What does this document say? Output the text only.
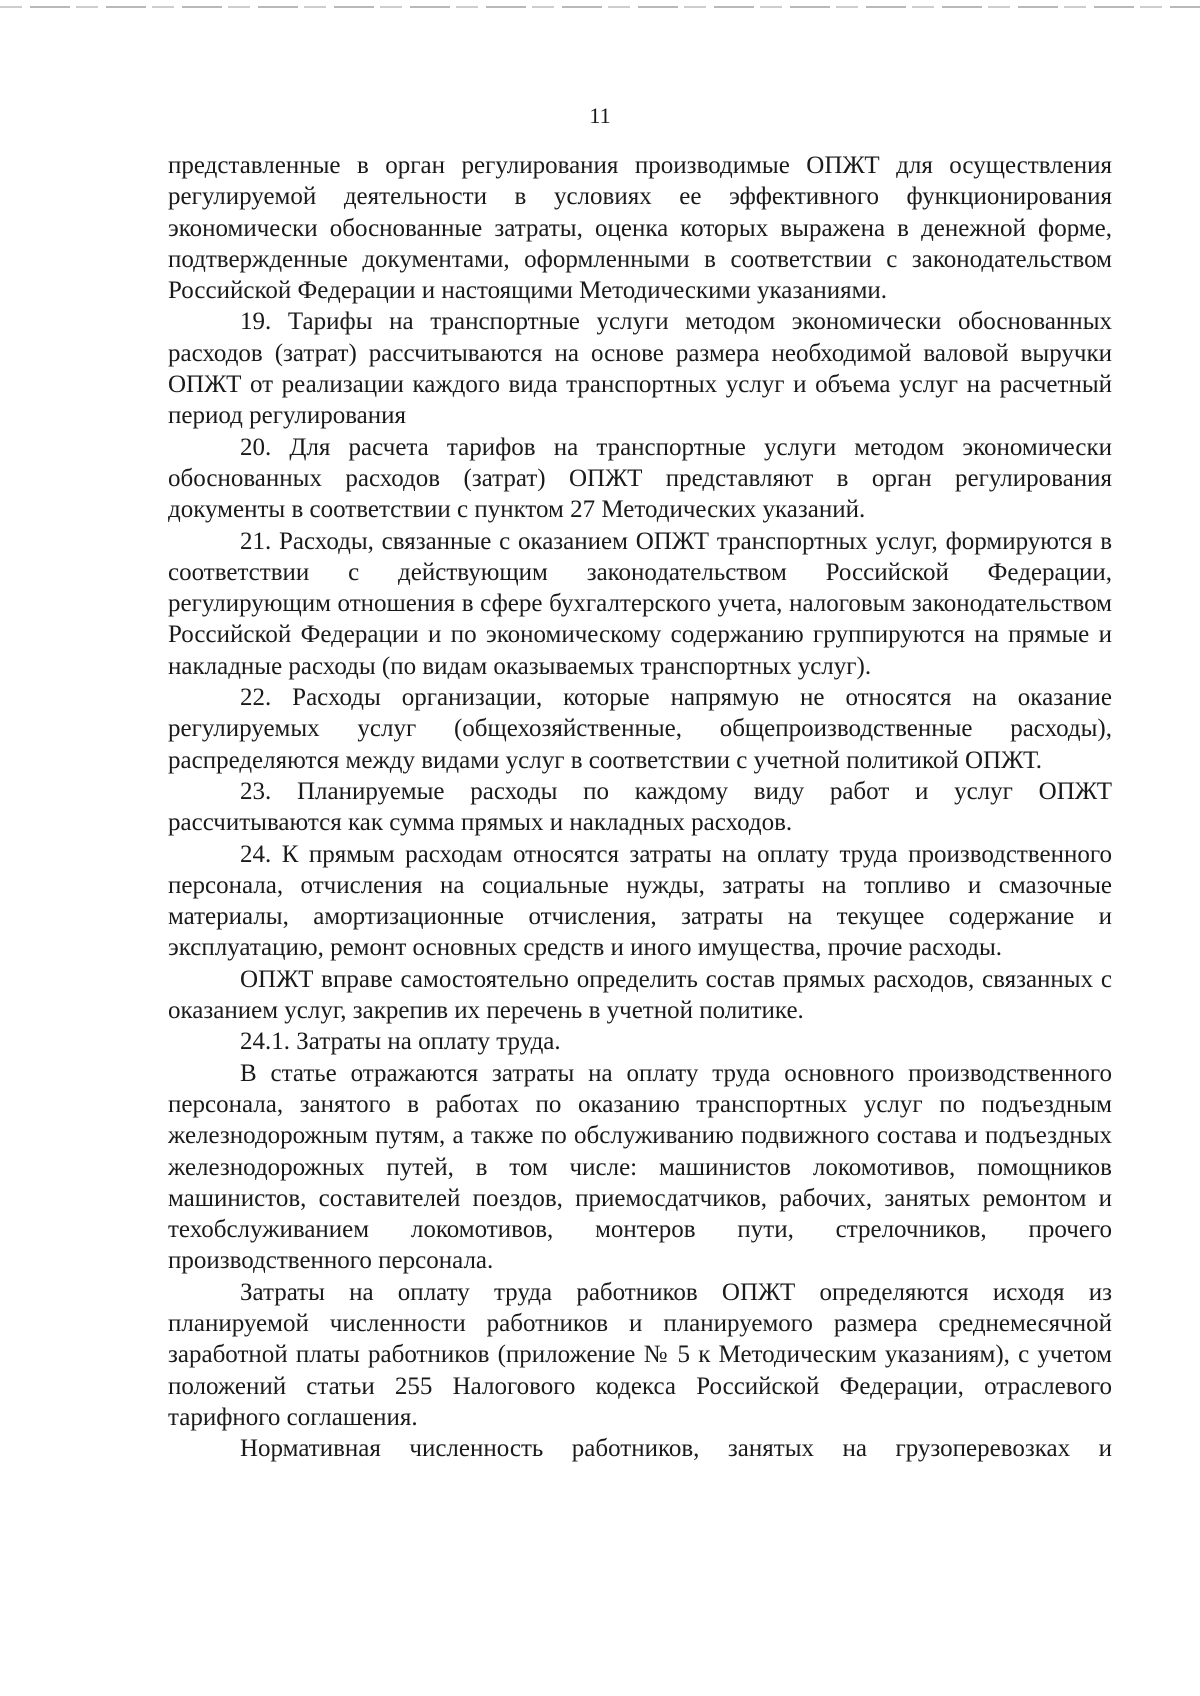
11

представленные в орган регулирования производимые ОПЖТ для осуществления регулируемой деятельности в условиях ее эффективного функционирования экономически обоснованные затраты, оценка которых выражена в денежной форме, подтвержденные документами, оформленными в соответствии с законодательством Российской Федерации и настоящими Методическими указаниями.

19. Тарифы на транспортные услуги методом экономически обоснованных расходов (затрат) рассчитываются на основе размера необходимой валовой выручки ОПЖТ от реализации каждого вида транспортных услуг и объема услуг на расчетный период регулирования

20. Для расчета тарифов на транспортные услуги методом экономически обоснованных расходов (затрат) ОПЖТ представляют в орган регулирования документы в соответствии с пунктом 27 Методических указаний.

21. Расходы, связанные с оказанием ОПЖТ транспортных услуг, формируются в соответствии с действующим законодательством Российской Федерации, регулирующим отношения в сфере бухгалтерского учета, налоговым законодательством Российской Федерации и по экономическому содержанию группируются на прямые и накладные расходы (по видам оказываемых транспортных услуг).

22. Расходы организации, которые напрямую не относятся на оказание регулируемых услуг (общехозяйственные, общепроизводственные расходы), распределяются между видами услуг в соответствии с учетной политикой ОПЖТ.

23. Планируемые расходы по каждому виду работ и услуг ОПЖТ рассчитываются как сумма прямых и накладных расходов.

24. К прямым расходам относятся затраты на оплату труда производственного персонала, отчисления на социальные нужды, затраты на топливо и смазочные материалы, амортизационные отчисления, затраты на текущее содержание и эксплуатацию, ремонт основных средств и иного имущества, прочие расходы.

ОПЖТ вправе самостоятельно определить состав прямых расходов, связанных с оказанием услуг, закрепив их перечень в учетной политике.

24.1. Затраты на оплату труда.

В статье отражаются затраты на оплату труда основного производственного персонала, занятого в работах по оказанию транспортных услуг по подъездным железнодорожным путям, а также по обслуживанию подвижного состава и подъездных железнодорожных путей, в том числе: машинистов локомотивов, помощников машинистов, составителей поездов, приемосдатчиков, рабочих, занятых ремонтом и техобслуживанием локомотивов, монтеров пути, стрелочников, прочего производственного персонала.

Затраты на оплату труда работников ОПЖТ определяются исходя из планируемой численности работников и планируемого размера среднемесячной заработной платы работников (приложение № 5 к Методическим указаниям), с учетом положений статьи 255 Налогового кодекса Российской Федерации, отраслевого тарифного соглашения.

Нормативная численность работников, занятых на грузоперевозках и
